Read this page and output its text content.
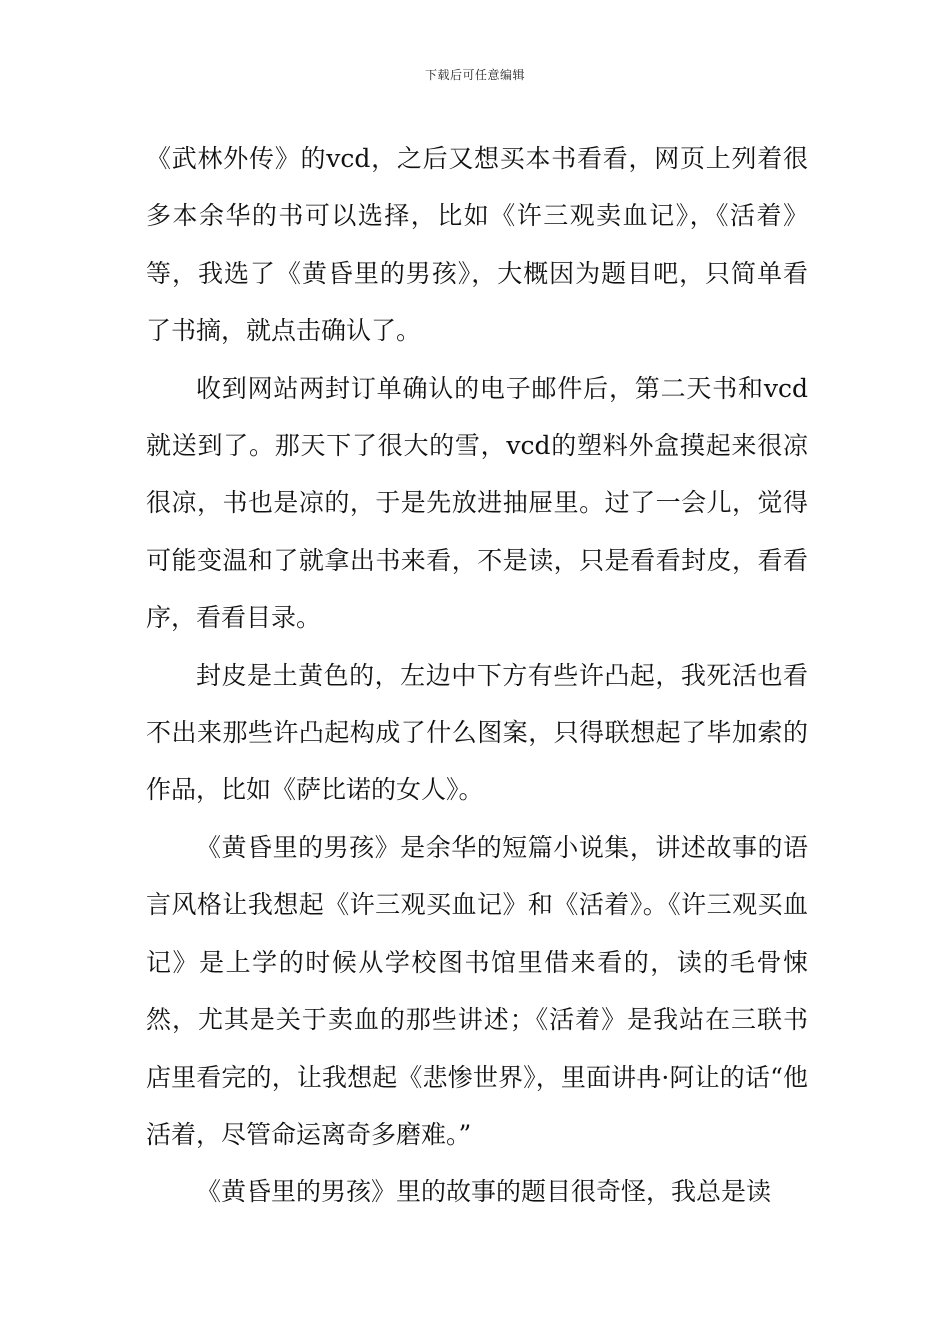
下载后可任意编辑

《武林外传》的vcd，之后又想买本书看看，网页上列着很多本余华的书可以选择，比如《许三观卖血记》，《活着》等，我选了《黄昏里的男孩》，大概因为题目吧，只简单看了书摘，就点击确认了。

收到网站两封订单确认的电子邮件后，第二天书和vcd就送到了。那天下了很大的雪，vcd的塑料外盒摸起来很凉很凉，书也是凉的，于是先放进抽屉里。过了一会儿，觉得可能变温和了就拿出书来看，不是读，只是看看封皮，看看序，看看目录。

封皮是土黄色的，左边中下方有些许凸起，我死活也看不出来那些许凸起构成了什么图案，只得联想起了毕加索的作品，比如《萨比诺的女人》。

《黄昏里的男孩》是余华的短篇小说集，讲述故事的语言风格让我想起《许三观买血记》和《活着》。《许三观买血记》是上学的时候从学校图书馆里借来看的，读的毛骨悚然，尤其是关于卖血的那些讲述；《活着》是我站在三联书店里看完的，让我想起《悲惨世界》，里面讲冉·阿让的话“他活着，尽管命运离奇多磨难。”

《黄昏里的男孩》里的故事的题目很奇怪，我总是读
